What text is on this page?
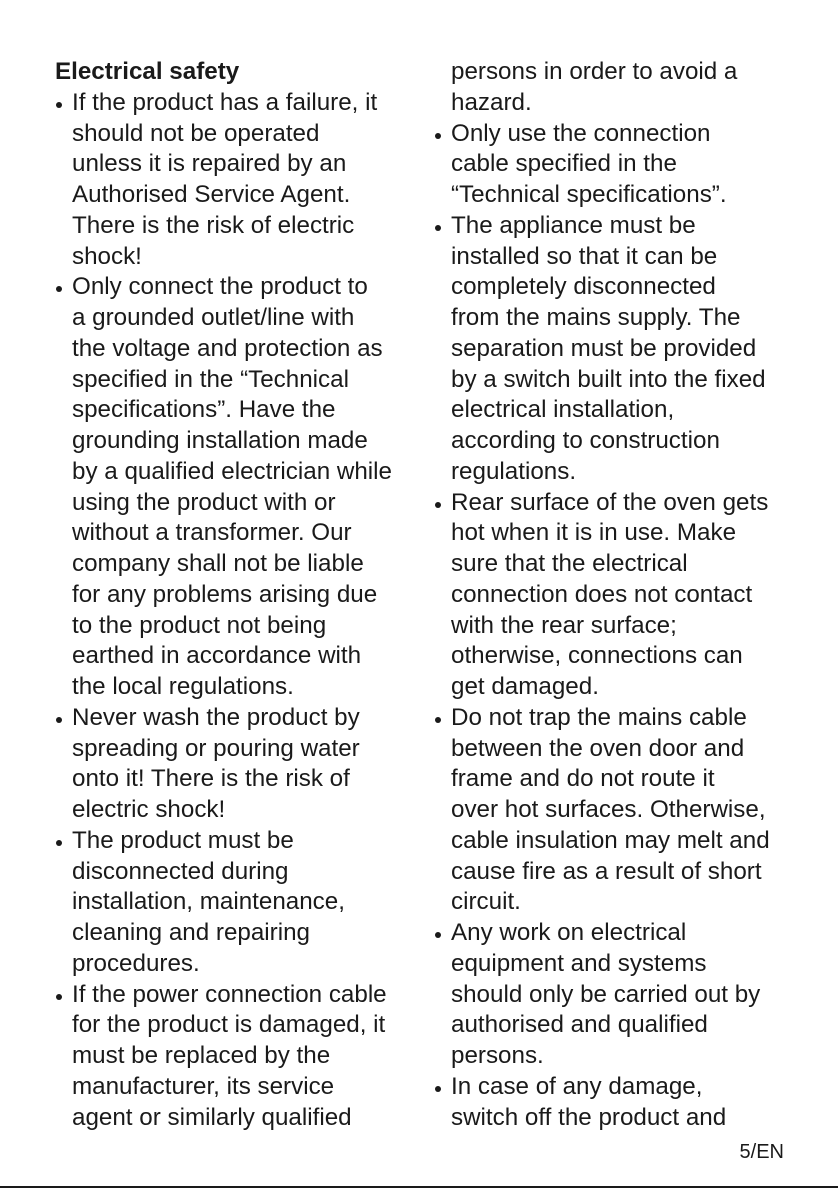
Electrical safety

If the product has a failure, it
should not be operated
unless it is repaired by an
Authorised Service Agent.
There is the risk of electric
shock!
Only connect the product to
a grounded outlet/line with
the voltage and protection as
specified in the “Technical
specifications”. Have the
grounding installation made
by a qualified electrician while
using the product with or
without a transformer. Our
company shall not be liable
for any problems arising due
to the product not being
earthed in accordance with
the local regulations.
Never wash the product by
spreading or pouring water
onto it! There is the risk of
electric shock!
The product must be
disconnected during
installation, maintenance,
cleaning and repairing
procedures.
If the power connection cable
for the product is damaged, it
must be replaced by the
manufacturer, its service
agent or similarly qualified
persons in order to avoid a
hazard.
Only use the connection
cable specified in the
“Technical specifications”.
The appliance must be
installed so that it can be
completely disconnected
from the mains supply. The
separation must be provided
by a switch built into the fixed
electrical installation,
according to construction
regulations.
Rear surface of the oven gets
hot when it is in use. Make
sure that the electrical
connection does not contact
with the rear surface;
otherwise, connections can
get damaged.
Do not trap the mains cable
between the oven door and
frame and do not route it
over hot surfaces. Otherwise,
cable insulation may melt and
cause fire as a result of short
circuit.
Any work on electrical
equipment and systems
should only be carried out by
authorised and qualified
persons.
In case of any damage,
switch off the product and
5/EN
